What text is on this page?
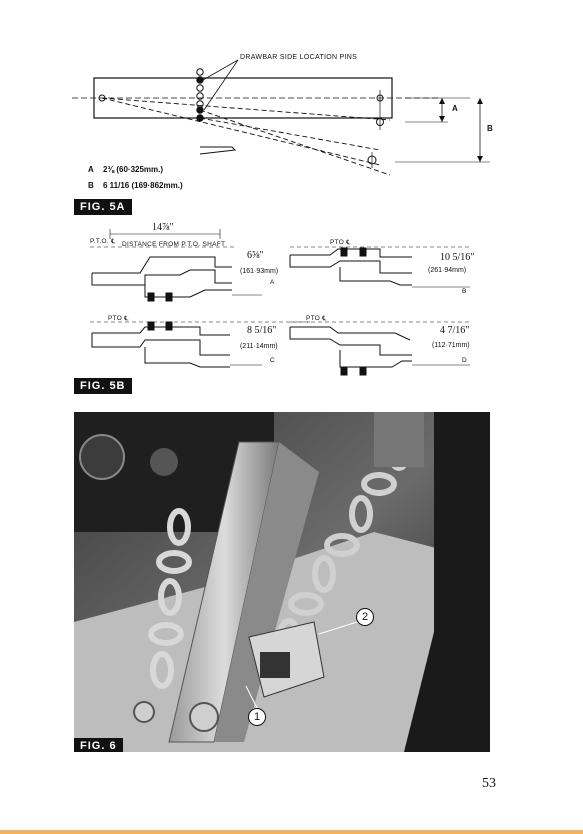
DRAWBAR SIDE LOCATION PINS
A
B
A 2⅜ (60·325mm.)
B 6 11/16 (169·862mm.)
FIG. 5A
P.T.O. ℄ DISTANCE FROM P.T.O. SHAFT
14⅞"
PTO ℄
PTO ℄	PTO ℄
6⅝"
(161·93mm)
A
10 5/16"
(261·94mm)
B
8 5/16"
(211·14mm)
C
4 7/16"
(112·71mm)
D
FIG. 5B
1
2
FIG. 6
53
